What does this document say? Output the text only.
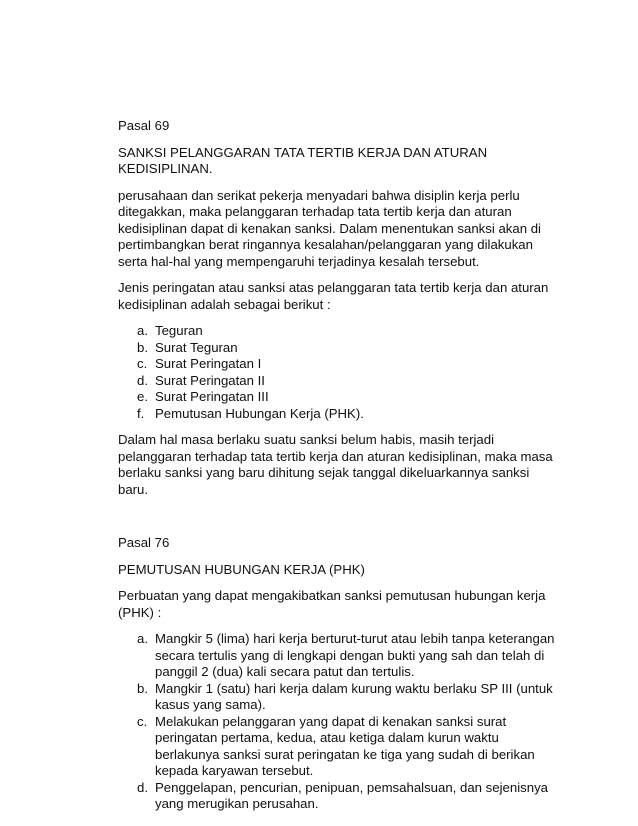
Pasal 69

SANKSI PELANGGARAN TATA TERTIB KERJA DAN ATURAN KEDISIPLINAN.

perusahaan dan serikat pekerja menyadari bahwa disiplin kerja perlu ditegakkan, maka pelanggaran terhadap tata tertib kerja dan aturan kedisiplinan dapat di kenakan sanksi. Dalam menentukan sanksi akan di pertimbangkan berat ringannya kesalahan/pelanggaran yang dilakukan serta hal-hal yang mempengaruhi terjadinya kesalah tersebut.

Jenis peringatan atau sanksi atas pelanggaran tata tertib kerja dan aturan kedisiplinan adalah sebagai berikut :

a. Teguran
b. Surat Teguran
c. Surat Peringatan I
d. Surat Peringatan II
e. Surat Peringatan III
f. Pemutusan Hubungan Kerja (PHK).

Dalam hal masa berlaku suatu sanksi belum habis, masih terjadi pelanggaran terhadap tata tertib kerja dan aturan kedisiplinan, maka masa berlaku sanksi yang baru dihitung sejak tanggal dikeluarkannya sanksi baru.

Pasal 76

PEMUTUSAN HUBUNGAN KERJA (PHK)

Perbuatan yang dapat mengakibatkan sanksi pemutusan hubungan kerja (PHK) :

a. Mangkir 5 (lima) hari kerja berturut-turut atau lebih tanpa keterangan secara tertulis yang di lengkapi dengan bukti yang sah dan telah di panggil 2 (dua) kali secara patut dan tertulis.
b. Mangkir 1 (satu) hari kerja dalam kurung waktu berlaku SP III (untuk kasus yang sama).
c. Melakukan pelanggaran yang dapat di kenakan sanksi surat peringatan pertama, kedua, atau ketiga dalam kurun waktu berlakunya sanksi surat peringatan ke tiga yang sudah di berikan kepada karyawan tersebut.
d. Penggelapan, pencurian, penipuan, pemsahalsuan, dan sejenisnya yang merugikan perusahan.
